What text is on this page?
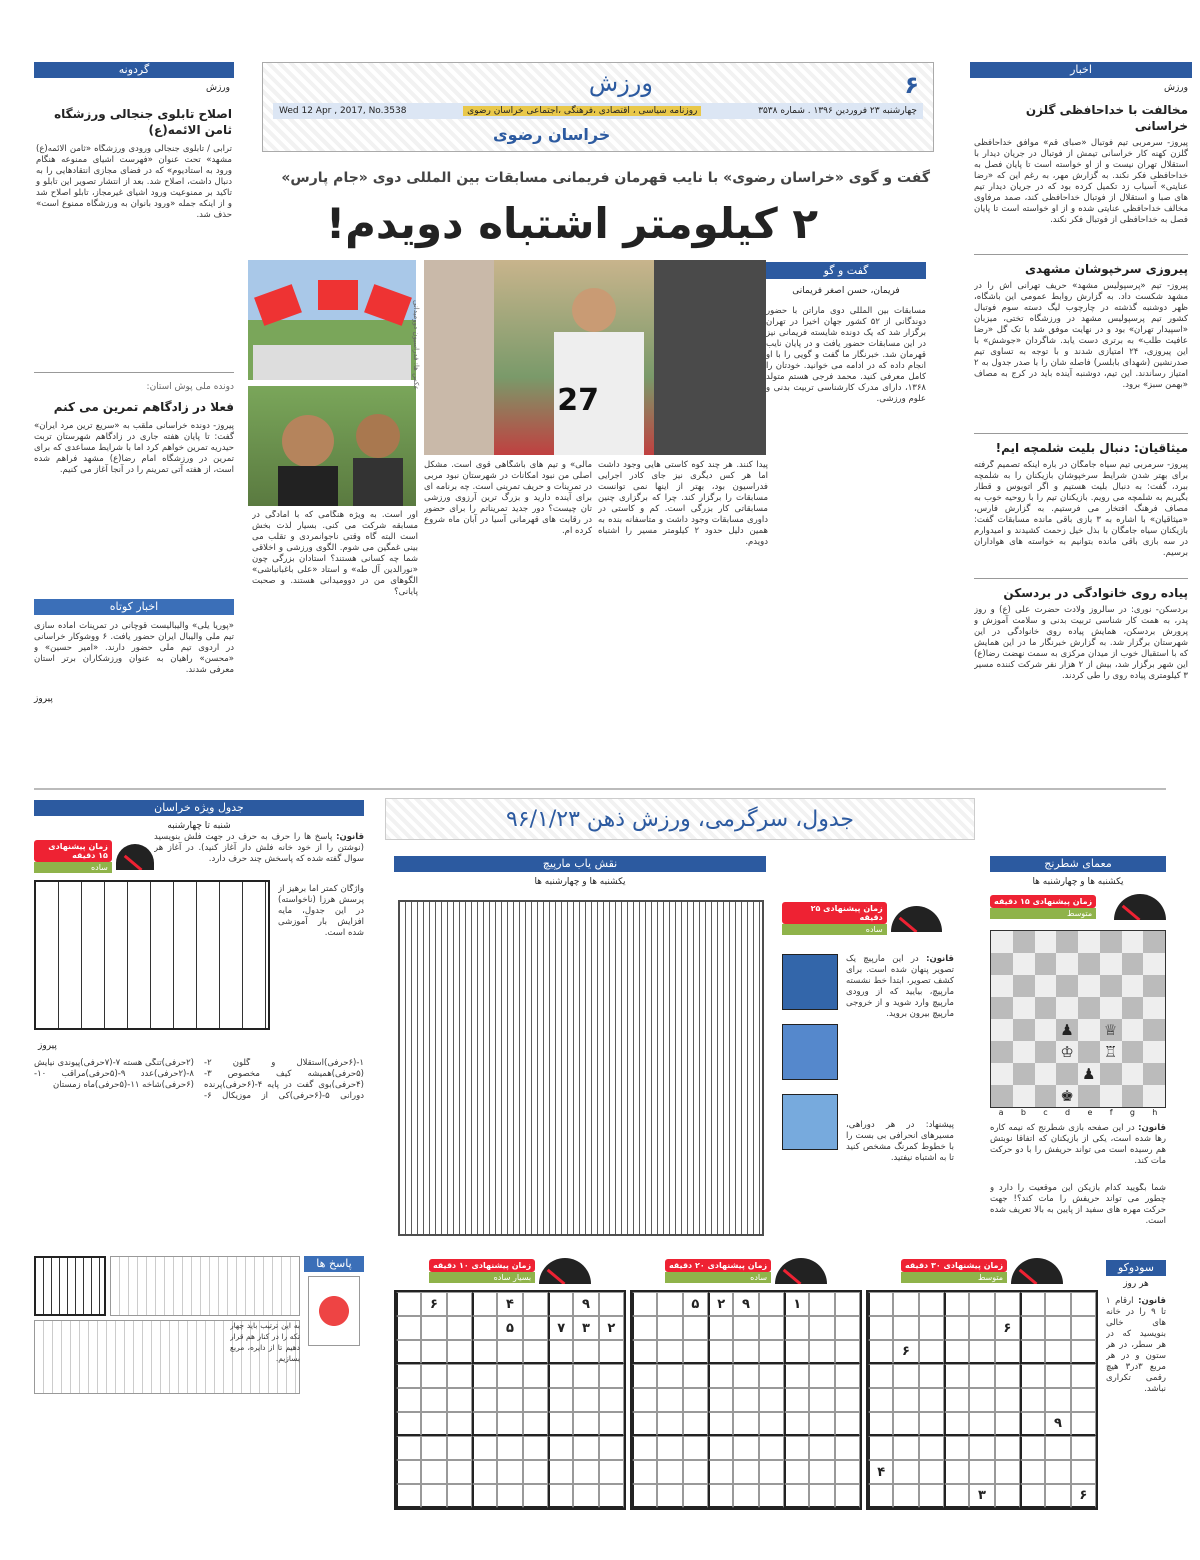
اخبار
ورزش
مخالفت با خداحافظی گلزن خراسانی
پیروز- سرمربی تیم فوتبال «صبای قم» موافق خداحافظی گلزن کهنه کار خراسانی تیمش از فوتبال در جریان دیدار با استقلال تهران نیست و از او خواسته است تا پایان فصل به خداحافظی فکر نکند. به گزارش مهر، به رغم این که «رضا عنایتی» آسیاب زد تکمیل کرده بود که در جریان دیدار تیم های صبا و استقلال از فوتبال خداحافظی کند، صمد مرفاوی مخالف خداحافظی عنایتی شده و از او خواسته است تا پایان فصل به خداحافظی از فوتبال فکر نکند.
پیروزی سرخپوشان مشهدی
پیروز- تیم «پرسپولیس مشهد» حریف تهرانی اش را در مشهد شکست داد. به گزارش روابط عمومی این باشگاه، ظهر دوشنبه گذشته در چارچوب لیگ دسته سوم فوتبال کشور تیم پرسپولیس مشهد در ورزشگاه تختی، میزبان «اسپیدار تهران» بود و در نهایت موفق شد با تک گل «رضا عافیت طلب» به برتری دست یابد. شاگردان «جوشش» با این پیروزی، ۲۴ امتیازی شدند و با توجه به تساوی تیم صدرنشین (شهدای بابلسر) فاصله شان را با صدر جدول به ۲ امتیاز رساندند. این تیم، دوشنبه آینده باید در کرج به مصاف «بهمن سبز» برود.
میثاقیان: دنبال بلیت شلمچه ایم!
پیروز- سرمربی تیم سیاه جامگان در باره اینکه تصمیم گرفته برای بهتر شدن شرایط سرخپوشان بازیکنان را به شلمچه ببرد، گفت: به دنبال بلیت هستیم و اگر اتوبوس و قطار بگیریم به شلمچه می رویم. بازیکنان تیم را با روحیه خوب به مصاف فرهنگ افتخار می فرستیم. به گزارش فارس، «میثاقیان» با اشاره به ۳ بازی باقی مانده مسابقات گفت: بازیکنان سیاه جامگان با بذل خیل زحمت کشیدند و امیدوارم در سه بازی باقی مانده بتوانیم به خواسته های هواداران برسیم.
پیاده روی خانوادگی در بردسکن
بردسکن- نوری: در سالروز ولادت حضرت علی (ع) و روز پدر، به همت کار شناسی تربیت بدنی و سلامت آموزش و پرورش بردسکن، همایش پیاده روی خانوادگی در این شهرستان برگزار شد. به گزارش خبرنگار ما در این همایش که با استقبال خوب از میدان مرکزی به سمت نهضت رضا(ع) این شهر برگزار شد، بیش از ۲ هزار نفر شرکت کننده مسیر ۳ کیلومتری پیاده روی را طی کردند.
گردونه
ورزش
اصلاح تابلوی جنجالی ورزشگاه ثامن الائمه(ع)
ترابی / تابلوی جنجالی ورودی ورزشگاه «ثامن الائمه(ع) مشهد» تحت عنوان «فهرست اشیای ممنوعه هنگام ورود به استادیوم» که در فضای مجازی انتقادهایی را به دنبال داشت، اصلاح شد. بعد از انتشار تصویر این تابلو و تاکید بر ممنوعیت ورود اشیای غیرمجاز، تابلو اصلاح شد و از اینکه جمله «ورود بانوان به ورزشگاه ممنوع است» حذف شد.
دونده ملی پوش استان:
فعلا در زادگاهم تمرین می کنم
پیروز- دونده خراسانی ملقب به «سریع ترین مرد ایران» گفت: تا پایان هفته جاری در زادگاهم شهرستان تربت حیدریه تمرین خواهم کرد اما با شرایط مساعدی که برای تمرین در ورزشگاه امام رضا(ع) مشهد فراهم شده است، از هفته آتی تمرینم را در آنجا آغاز می کنیم.
اخبار کوتاه
«پوریا یلی» والیبالیست قوچانی در تمرینات آماده سازی تیم ملی والیبال ایران حضور یافت. ۶ ووشوکار خراسانی در اردوی تیم ملی حضور دارند. «امیر حسین» و «محسن» راهیان به عنوان ورزشکاران برتر استان معرفی شدند.
پیروز
۶
ورزش
چهارشنبه ۲۳ فروردین ۱۳۹۶ . شماره ۳۵۳۸
روزنامه سیاسی ، اقتصادی ،فرهنگی ،اجتماعی خراسان رضوی
Wed 12 Apr , 2017, No.3538
خراسان رضوی
گفت و گوی «خراسان رضوی» با نایب قهرمان فریمانی مسابقات بین المللی دوی «جام پارس»
۲ کیلومتر اشتباه دویدم!
گفت و گو
فریمان، حسن اصغر فریمانی
مسابقات بین المللی دوی ماراتن با حضور دوندگانی از ۵۲ کشور جهان اخیرا در تهران برگزار شد که یک دونده شایسته فریمانی نیز در این مسابقات حضور یافت و در پایان نایب قهرمان شد. خبرنگار ما گفت و گویی را با او انجام داده که در ادامه می خوانید. خودتان را کامل معرفی کنید. محمد فرجی هستم متولد ۱۳۶۸، دارای مدرک کارشناسی تربیت بدنی و علوم ورزشی.
پیدا کنند. هر چند کوه کاستی هایی وجود داشت اما هر کس دیگری نیز جای کادر اجرایی فدراسیون بود، بهتر از اینها نمی توانست مسابقات را برگزار کند. چرا که برگزاری چنین مسابقاتی کار بزرگی است. کم و کاستی در داوری مسابقات وجود داشت و متاسفانه بنده به همین دلیل حدود ۲ کیلومتر مسیر را اشتباه دویدم.
مالی» و تیم های باشگاهی قوی است. مشکل اصلی من نبود امکانات در شهرستان نبود مربی در تمرینات و حریف تمرینی است. چه برنامه ای برای آینده دارید و بزرگ ترین آرزوی ورزشی تان چیست؟ دور جدید تمریناتم را برای حضور در رقابت های قهرمانی آسیا در آبان ماه شروع کرده ام.
آور است. به ویژه هنگامی که با آمادگی در مسابقه شرکت می کنی. بسیار لذت بخش است البته گاه وقتی ناجوانمردی و تقلب می بینی غمگین می شوم. الگوی ورزشی و اخلاقی شما چه کسانی هستند؟ استادان بزرگی چون «نورالدین آل طه» و استاد «علی باغبانباشی» الگوهای من در دوومیدانی هستند. و صحبت پایانی؟
27
عکس ها: فدراسیون دوومیدانی
جدول، سرگرمی، ورزش ذهن ۹۶/۱/۲۳
جدول ویژه خراسان
شنبه تا چهارشنبه
قانون: پاسخ ها را حرف به حرف در جهت فلش بنویسید (نوشتن را از خود خانه فلش دار آغاز کنید). در آغاز هر سوال گفته شده که پاسخش چند حرف دارد.
زمان پیشنهادی ۱۵ دقیقه
ساده
واژگان کمتر اما برهیز از پرسش هرزا (ناخواسته) در این جدول، مایه افزایش بار آموزشی شده است.
پیروز
۱-(۶حرفی)استقلال و گلون ۲-(۵حرفی)همیشه کیف مخصوص ۳-(۴حرفی)بوی گفت در پایه ۴-(۶حرفی)پرنده دورانی ۵-(۶حرفی)کی از موزیکال ۶-(۲حرفی)تنگی هسته ۷-(۷حرفی)پیوندی نیایش ۸-(۲حرفی)عدد ۹-(۵حرفی)مراقب ۱۰-(۶حرفی)شاخه ۱۱-(۵حرفی)ماه زمستان
پاسخ ها
به این ترتیب باید چهار تکه را در کنار هم قرار دهیم تا از دایره، مربع بسازیم.
نقش یاب مارپیچ
یکشنبه ها و چهارشنبه ها
زمان پیشنهادی ۲۵ دقیقه
ساده
قانون: در این مارپیچ یک تصویر پنهان شده است. برای کشف تصویر، ابتدا خط نشسته مارپیچ، بیایید که از ورودی مارپیچ وارد شوید و از خروجی مارپیچ بیرون بروید.
پیشنهاد: در هر دوراهی، مسیرهای انحرافی بی بست را با خطوط کمرنگ مشخص کنید تا به اشتباه نیفتید.
معمای شطرنج
یکشنبه ها و چهارشنبه ها
زمان پیشنهادی ۱۵ دقیقه
متوسط
♟ ♕
♔ ♖
♟
♚
a b c d e f g h
قانون: در این صفحه بازی شطرنج که نیمه کاره رها شده است، یکی از بازیکنان که اتفاقا نوبتش هم رسیده است می تواند حریفش را با دو حرکت مات کند.
شما بگویید کدام بازیکن این موقعیت را دارد و چطور می تواند حریفش را مات کند؟! جهت حرکت مهره های سفید از پایین به بالا تعریف شده است.
سودوکو
هر روز
قانون: ارقام ۱ تا ۹ را در خانه های خالی بنویسید که در هر سطر، در هر ستون و در هر مربع ۳در۳ هیچ رقمی تکراری نباشد.
زمان پیشنهادی ۳۰ دقیقه
متوسط
۶
۶
۹
۴
۶
۳
زمان پیشنهادی ۲۰ دقیقه
ساده
۱
۹
۲
۵
زمان پیشنهادی ۱۰ دقیقه
بسیار ساده
۹
۴
۶
۲
۳
۷
۵
